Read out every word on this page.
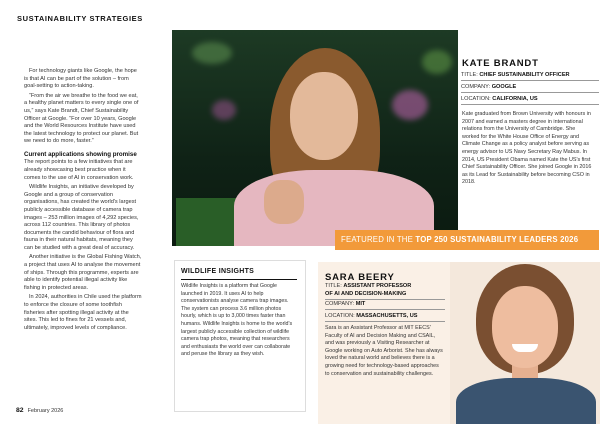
SUSTAINABILITY STRATEGIES

For technology giants like Google, the hope is that AI can be part of the solution – from goal-setting to action-taking.

“From the air we breathe to the food we eat, a healthy planet matters to every single one of us,” says Kate Brandt, Chief Sustainability Officer at Google. “For over 10 years, Google and the World Resources Institute have used the latest technology to protect our planet. But we need to do more, faster.”

Current applications showing promise

The report points to a few initiatives that are already showcasing best practice when it comes to the use of AI in conservation work.

Wildlife Insights, an initiative developed by Google and a group of conservation organisations, has created the world's largest publicly accessible database of camera trap images – 253 million images of 4,292 species, across 112 countries. This library of photos documents the candid behaviour of flora and fauna in their natural habitats, meaning they can be studied with a great deal of accuracy.

Another initiative is the Global Fishing Watch, a project that uses AI to analyse the movement of ships. Through this programme, experts are able to identify potential illegal activity like fishing in protected areas.

In 2024, authorities in Chile used the platform to enforce the closure of some toothfish fisheries after spotting illegal activity at the sites. This led to fines for 21 vessels and, ultimately, improved levels of compliance.

82 February 2026
KATE BRANDT
TITLE: CHIEF SUSTAINABILITY OFFICER
COMPANY: GOOGLE
LOCATION: CALIFORNIA, US
Kate graduated from Brown University with honours in 2007 and earned a masters degree in international relations from the University of Cambridge. She worked for the White House Office of Energy and Climate Change as a policy analyst before serving as energy advisor to US Navy Secretary Ray Mabus. In 2014, US President Obama named Kate the US's first Chief Sustainability Officer. She joined Google in 2016 as its Lead for Sustainability before becoming CSO in 2018.
FEATURED IN THE TOP 250 SUSTAINABILITY LEADERS 2026
WILDLIFE INSIGHTS
Wildlife Insights is a platform that Google launched in 2019. It uses AI to help conservationists analyse camera trap images. The system can process 3.6 million photos hourly, which is up to 3,000 times faster than humans. Wildlife Insights is home to the world's largest publicly accessible collection of wildlife camera trap photos, meaning that researchers and enthusiasts the world over can collaborate and peruse the library as they wish.
SARA BEERY
TITLE: ASSISTANT PROFESSOR
OF AI AND DECISION-MAKING
COMPANY: MIT
LOCATION: MASSACHUSETTS, US
Sara is an Assistant Professor at MIT EECS' Faculty of AI and Decision Making and CSAIL, and was previously a Visiting Researcher at Google working on Auto Arborist. She has always loved the natural world and believes there is a growing need for technology-based approaches to conservation and sustainability challenges.
